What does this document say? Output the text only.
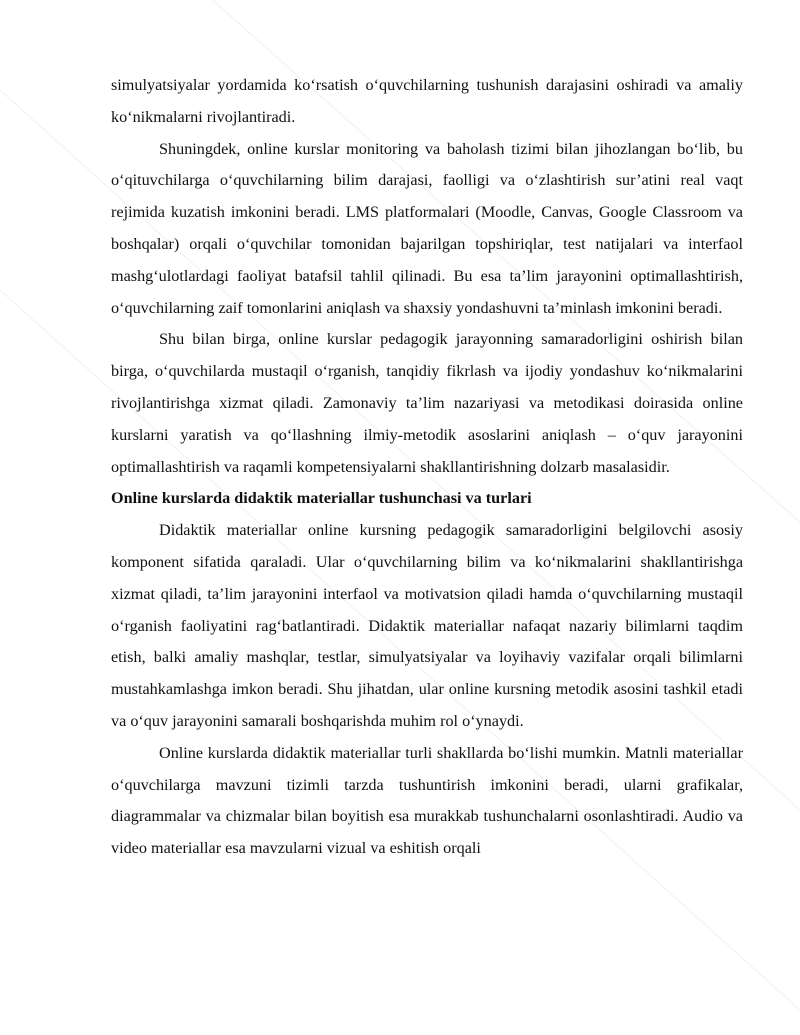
simulyatsiyalar yordamida ko‘rsatish o‘quvchilarning tushunish darajasini oshiradi va amaliy ko‘nikmalarni rivojlantiradi.

Shuningdek, online kurslar monitoring va baholash tizimi bilan jihozlangan bo‘lib, bu o‘qituvchilarga o‘quvchilarning bilim darajasi, faolligi va o‘zlashtirish sur’atini real vaqt rejimida kuzatish imkonini beradi. LMS platformalari (Moodle, Canvas, Google Classroom va boshqalar) orqali o‘quvchilar tomonidan bajarilgan topshiriqlar, test natijalari va interfaol mashg‘ulotlardagi faoliyat batafsil tahlil qilinadi. Bu esa ta’lim jarayonini optimallashtirish, o‘quvchilarning zaif tomonlarini aniqlash va shaxsiy yondashuvni ta’minlash imkonini beradi.

Shu bilan birga, online kurslar pedagogik jarayonning samaradorligini oshirish bilan birga, o‘quvchilarda mustaqil o‘rganish, tanqidiy fikrlash va ijodiy yondashuv ko‘nikmalarini rivojlantirishga xizmat qiladi. Zamonaviy ta’lim nazariyasi va metodikasi doirasida online kurslarni yaratish va qo‘llashning ilmiy-metodik asoslarini aniqlash – o‘quv jarayonini optimallashtirish va raqamli kompetensiyalarni shakllantirishning dolzarb masalasidir.

Online kurslarda didaktik materiallar tushunchasi va turlari

Didaktik materiallar online kursning pedagogik samaradorligini belgilovchi asosiy komponent sifatida qaraladi. Ular o‘quvchilarning bilim va ko‘nikmalarini shakllantirishga xizmat qiladi, ta’lim jarayonini interfaol va motivatsion qiladi hamda o‘quvchilarning mustaqil o‘rganish faoliyatini rag‘batlantiradi. Didaktik materiallar nafaqat nazariy bilimlarni taqdim etish, balki amaliy mashqlar, testlar, simulyatsiyalar va loyihaviy vazifalar orqali bilimlarni mustahkamlashga imkon beradi. Shu jihatdan, ular online kursning metodik asosini tashkil etadi va o‘quv jarayonini samarali boshqarishda muhim rol o‘ynaydi.

Online kurslarda didaktik materiallar turli shakllarda bo‘lishi mumkin. Matnli materiallar o‘quvchilarga mavzuni tizimli tarzda tushuntirish imkonini beradi, ularni grafikalar, diagrammalar va chizmalar bilan boyitish esa murakkab tushunchalarni osonlashtiradi. Audio va video materiallar esa mavzularni vizual va eshitish orqali
